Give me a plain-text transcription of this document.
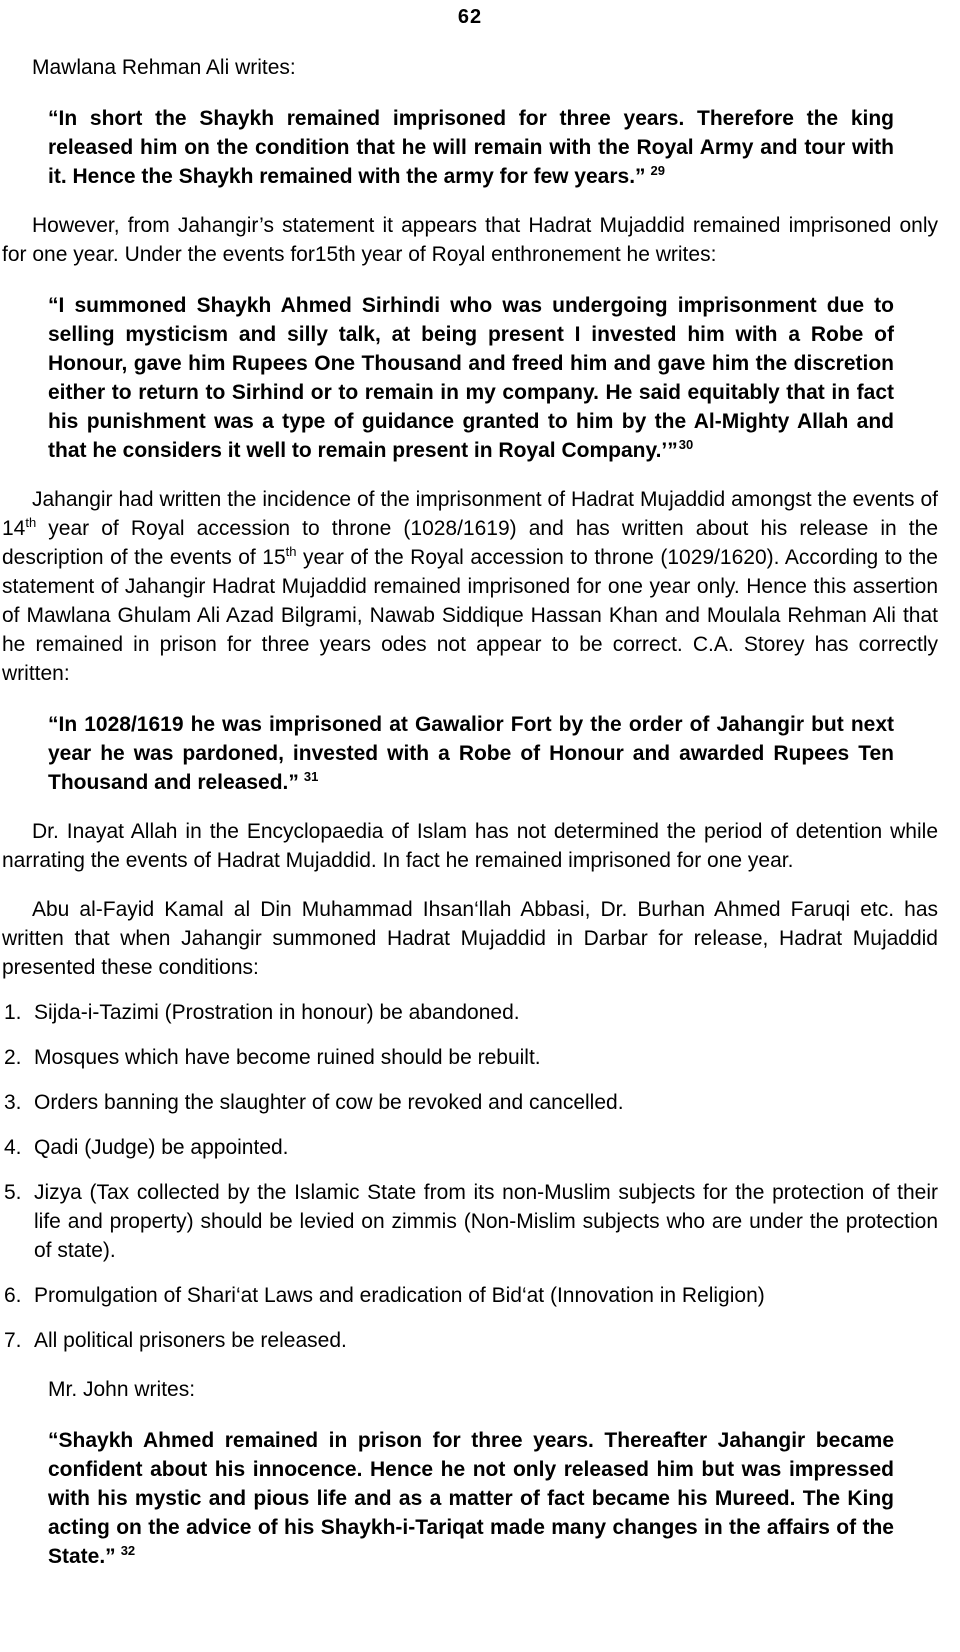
62

Mawlana Rehman Ali writes:

“In short the Shaykh remained imprisoned for three years. Therefore the king released him on the condition that he will remain with the Royal Army and tour with it. Hence the Shaykh remained with the army for few years.” $^{29}$

However, from Jahangir’s statement it appears that Hadrat Mujaddid remained imprisoned only for one year. Under the events for15th year of Royal enthronement he writes:

“I summoned Shaykh Ahmed Sirhindi who was undergoing imprisonment due to selling mysticism and silly talk, at being present I invested him with a Robe of Honour, gave him Rupees One Thousand and freed him and gave him the discretion either to return to Sirhind or to remain in my company. He said equitably that in fact his punishment was a type of guidance granted to him by the Al-Mighty Allah and that he considers it well to remain present in Royal Company.’”$^{30}$

Jahangir had written the incidence of the imprisonment of Hadrat Mujaddid amongst the events of 14th year of Royal accession to throne (1028/1619) and has written about his release in the description of the events of 15th year of the Royal accession to throne (1029/1620). According to the statement of Jahangir Hadrat Mujaddid remained imprisoned for one year only. Hence this assertion of Mawlana Ghulam Ali Azad Bilgrami, Nawab Siddique Hassan Khan and Moulala Rehman Ali that he remained in prison for three years odes not appear to be correct. C.A. Storey has correctly written:

“In 1028/1619 he was imprisoned at Gawalior Fort by the order of Jahangir but next year he was pardoned, invested with a Robe of Honour and awarded Rupees Ten Thousand and released.” $^{31}$

Dr. Inayat Allah in the Encyclopaedia of Islam has not determined the period of detention while narrating the events of Hadrat Mujaddid. In fact he remained imprisoned for one year.

Abu al-Fayid Kamal al Din Muhammad Ihsan‘llah Abbasi, Dr. Burhan Ahmed Faruqi etc. has written that when Jahangir summoned Hadrat Mujaddid in Darbar for release, Hadrat Mujaddid presented these conditions:

1. Sijda-i-Tazimi (Prostration in honour) be abandoned.
2. Mosques which have become ruined should be rebuilt.
3. Orders banning the slaughter of cow be revoked and cancelled.
4. Qadi (Judge) be appointed.
5. Jizya (Tax collected by the Islamic State from its non-Muslim subjects for the protection of their life and property) should be levied on zimmis (Non-Mislim subjects who are under the protection of state).
6. Promulgation of Shari‘at Laws and eradication of Bid‘at (Innovation in Religion)
7. All political prisoners be released.

Mr. John writes:

“Shaykh Ahmed remained in prison for three years. Thereafter Jahangir became confident about his innocence. Hence he not only released him but was impressed with his mystic and pious life and as a matter of fact became his Mureed. The King acting on the advice of his Shaykh-i-Tariqat made many changes in the affairs of the State.” $^{32}$
